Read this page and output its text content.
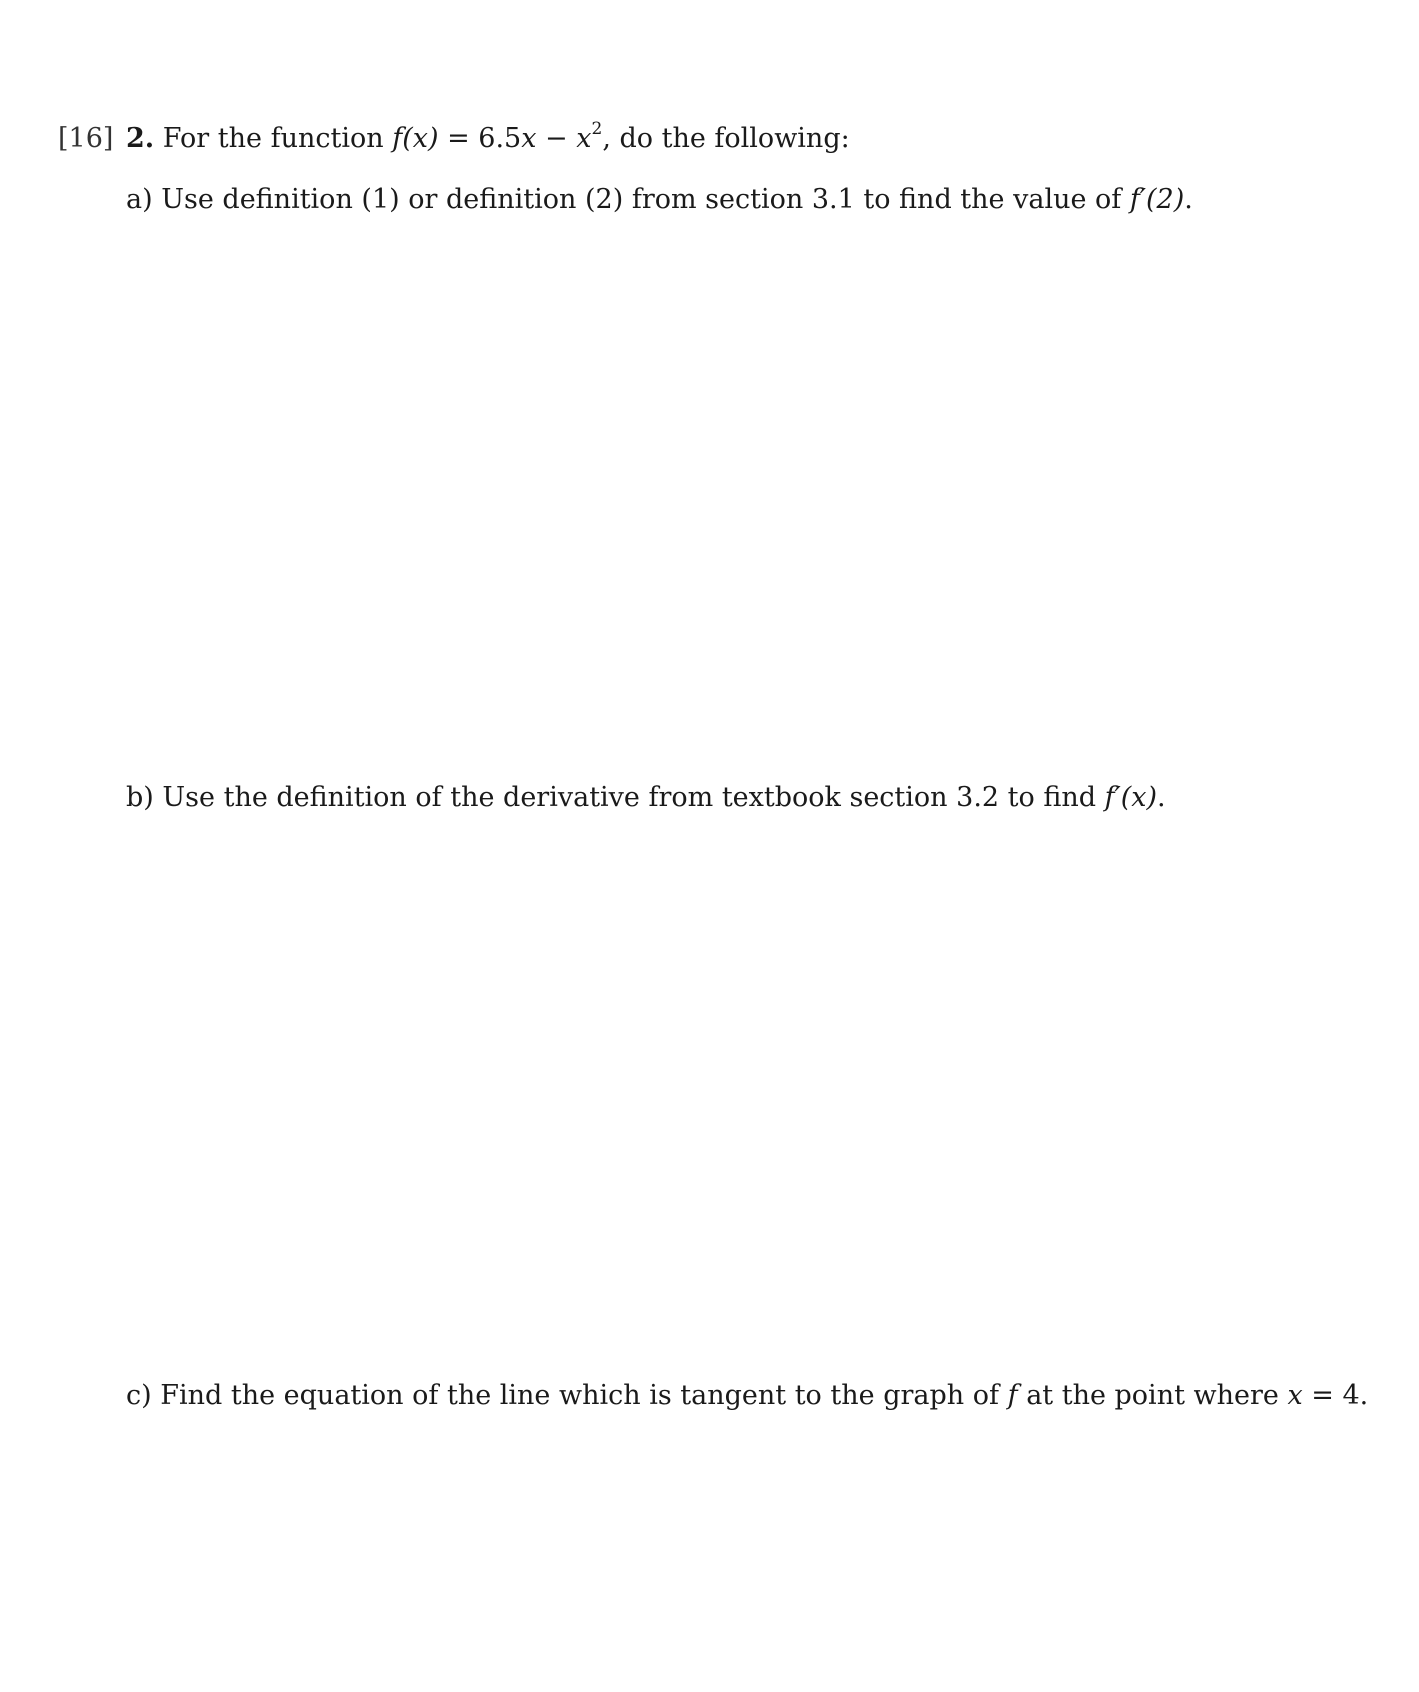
[16] 2. For the function $f(x) = 6.5x - x^2$, do the following:
a) Use definition (1) or definition (2) from section 3.1 to find the value of f′(2).
b) Use the definition of the derivative from textbook section 3.2 to find f′(x).
c) Find the equation of the line which is tangent to the graph of f at the point where x = 4.
